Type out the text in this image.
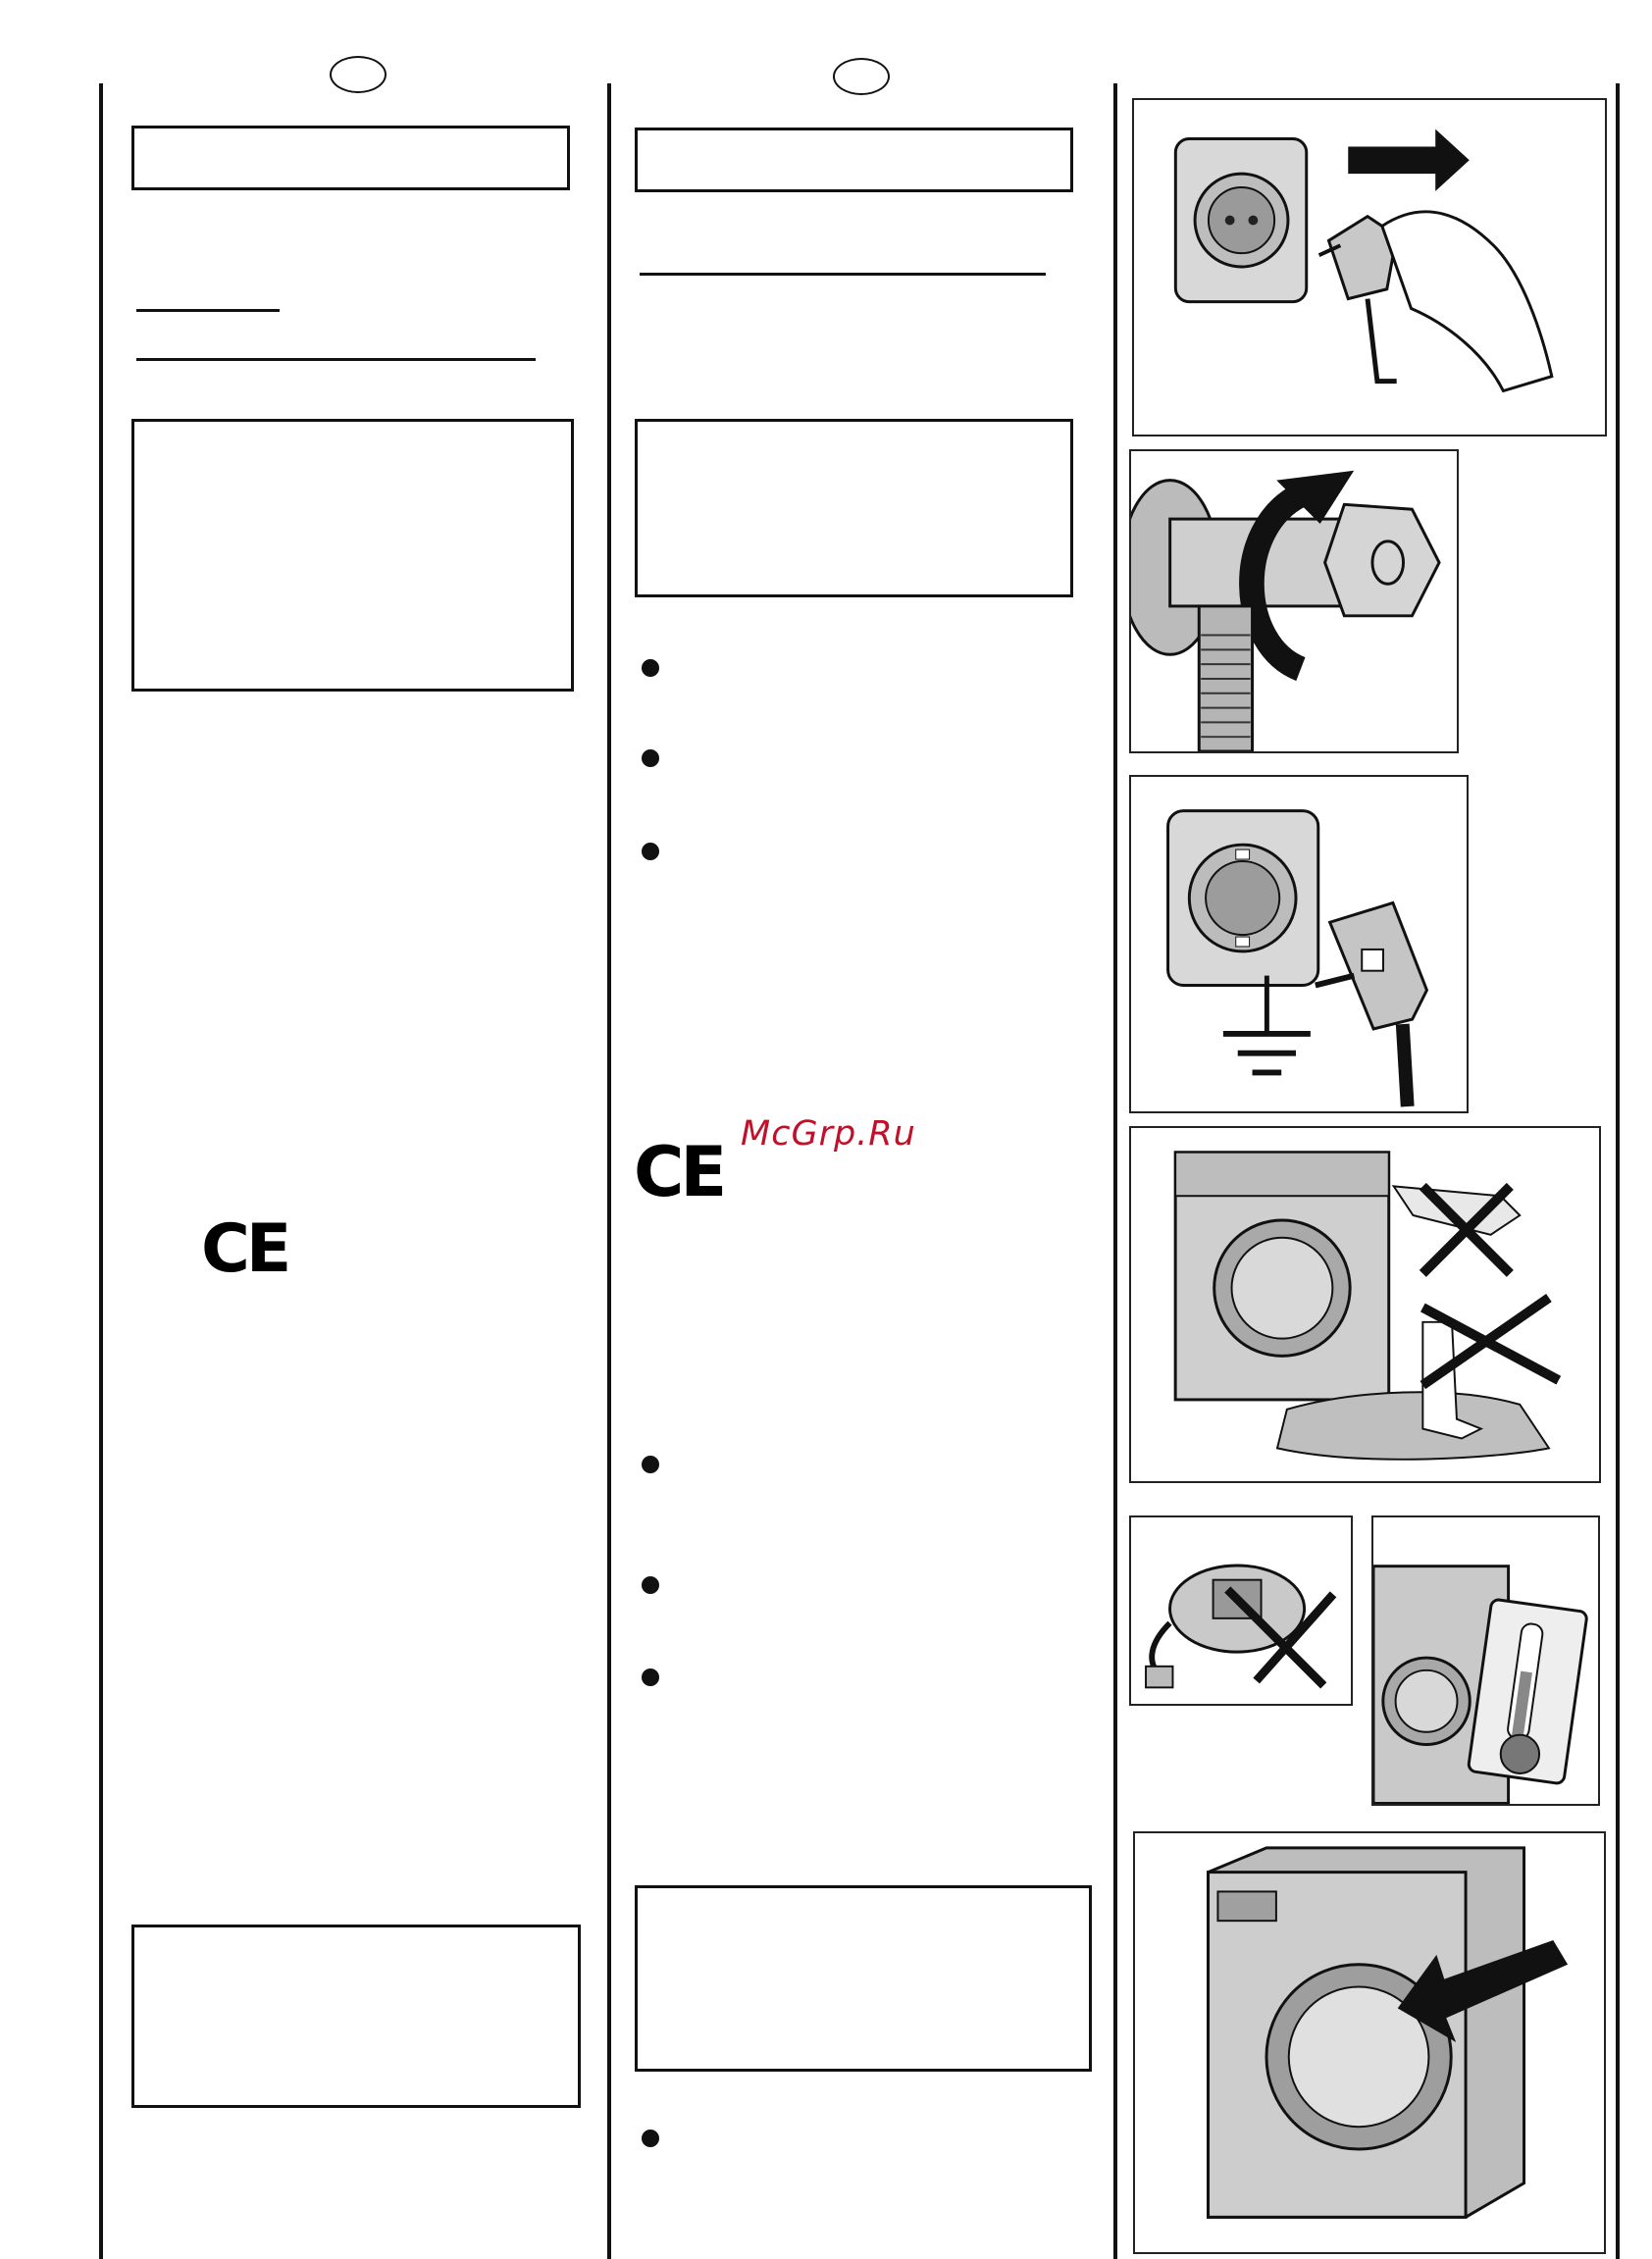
CE
CE McGrp.Ru
